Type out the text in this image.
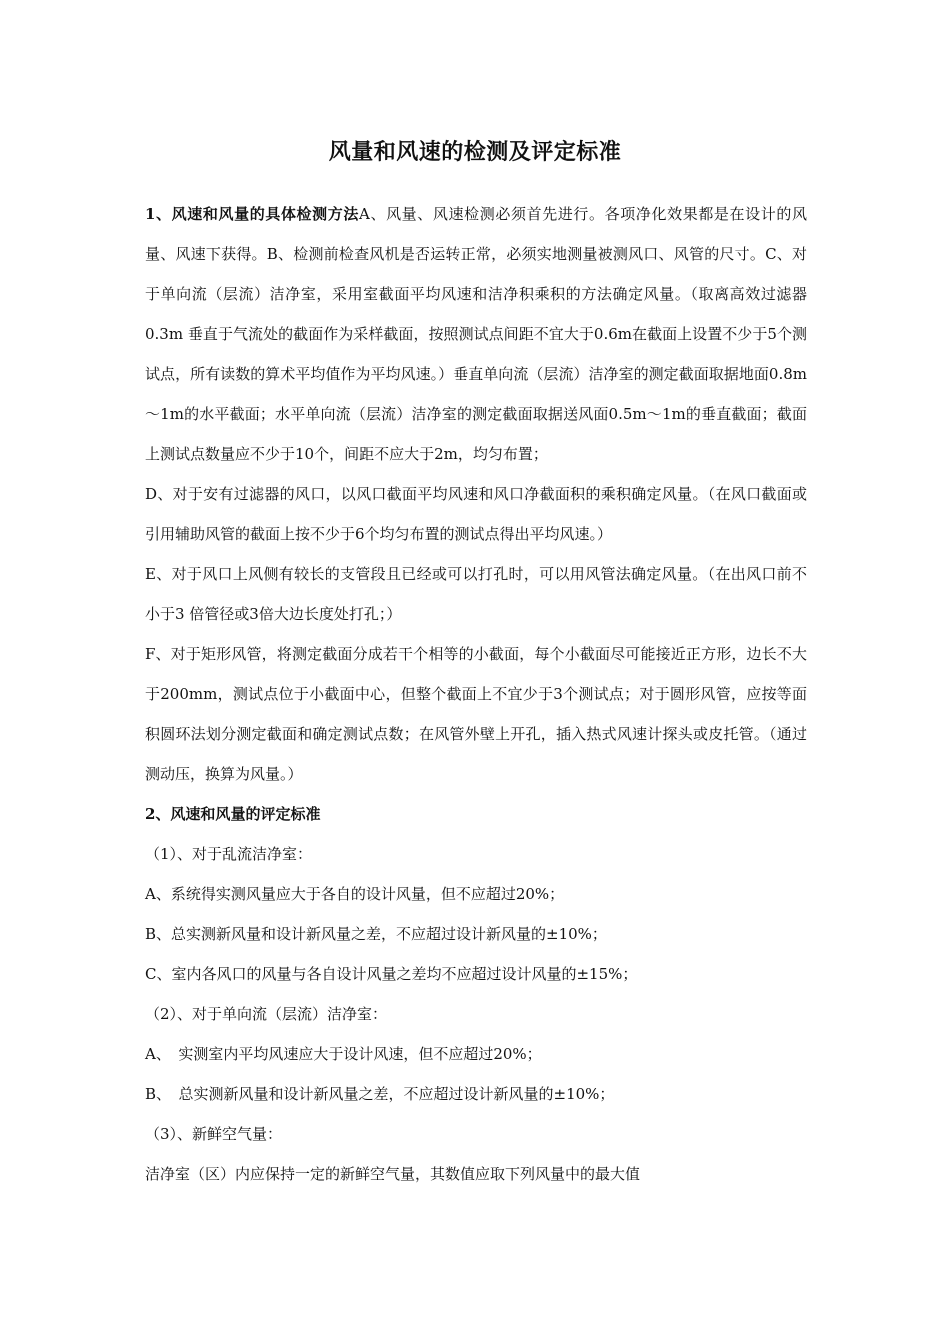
风量和风速的检测及评定标准

1、风速和风量的具体检测方法A、风量、风速检测必须首先进行。各项净化效果都是在设计的风量、风速下获得。B、检测前检查风机是否运转正常，必须实地测量被测风口、风管的尺寸。C、对于单向流（层流）洁净室，采用室截面平均风速和洁净积乘积的方法确定风量。（取离高效过滤器0.3m 垂直于气流处的截面作为采样截面，按照测试点间距不宜大于0.6m在截面上设置不少于5个测试点，所有读数的算术平均值作为平均风速。）垂直单向流（层流）洁净室的测定截面取据地面0.8m～1m的水平截面；水平单向流（层流）洁净室的测定截面取据送风面0.5m～1m的垂直截面；截面上测试点数量应不少于10个，间距不应大于2m，均匀布置；

D、对于安有过滤器的风口，以风口截面平均风速和风口净截面积的乘积确定风量。（在风口截面或引用辅助风管的截面上按不少于6个均匀布置的测试点得出平均风速。）

E、对于风口上风侧有较长的支管段且已经或可以打孔时，可以用风管法确定风量。（在出风口前不小于3 倍管径或3倍大边长度处打孔；）

F、对于矩形风管，将测定截面分成若干个相等的小截面，每个小截面尽可能接近正方形，边长不大于200mm，测试点位于小截面中心，但整个截面上不宜少于3个测试点；对于圆形风管，应按等面积圆环法划分测定截面和确定测试点数；在风管外壁上开孔，插入热式风速计探头或皮托管。（通过测动压，换算为风量。）

2、风速和风量的评定标准

（1）、对于乱流洁净室：

A、系统得实测风量应大于各自的设计风量，但不应超过20%；

B、总实测新风量和设计新风量之差，不应超过设计新风量的±10%；

C、室内各风口的风量与各自设计风量之差均不应超过设计风量的±15%；

（2）、对于单向流（层流）洁净室：

A、　实测室内平均风速应大于设计风速，但不应超过20%；

B、　总实测新风量和设计新风量之差，不应超过设计新风量的±10%；

（3）、新鲜空气量：

洁净室（区）内应保持一定的新鲜空气量，其数值应取下列风量中的最大值
